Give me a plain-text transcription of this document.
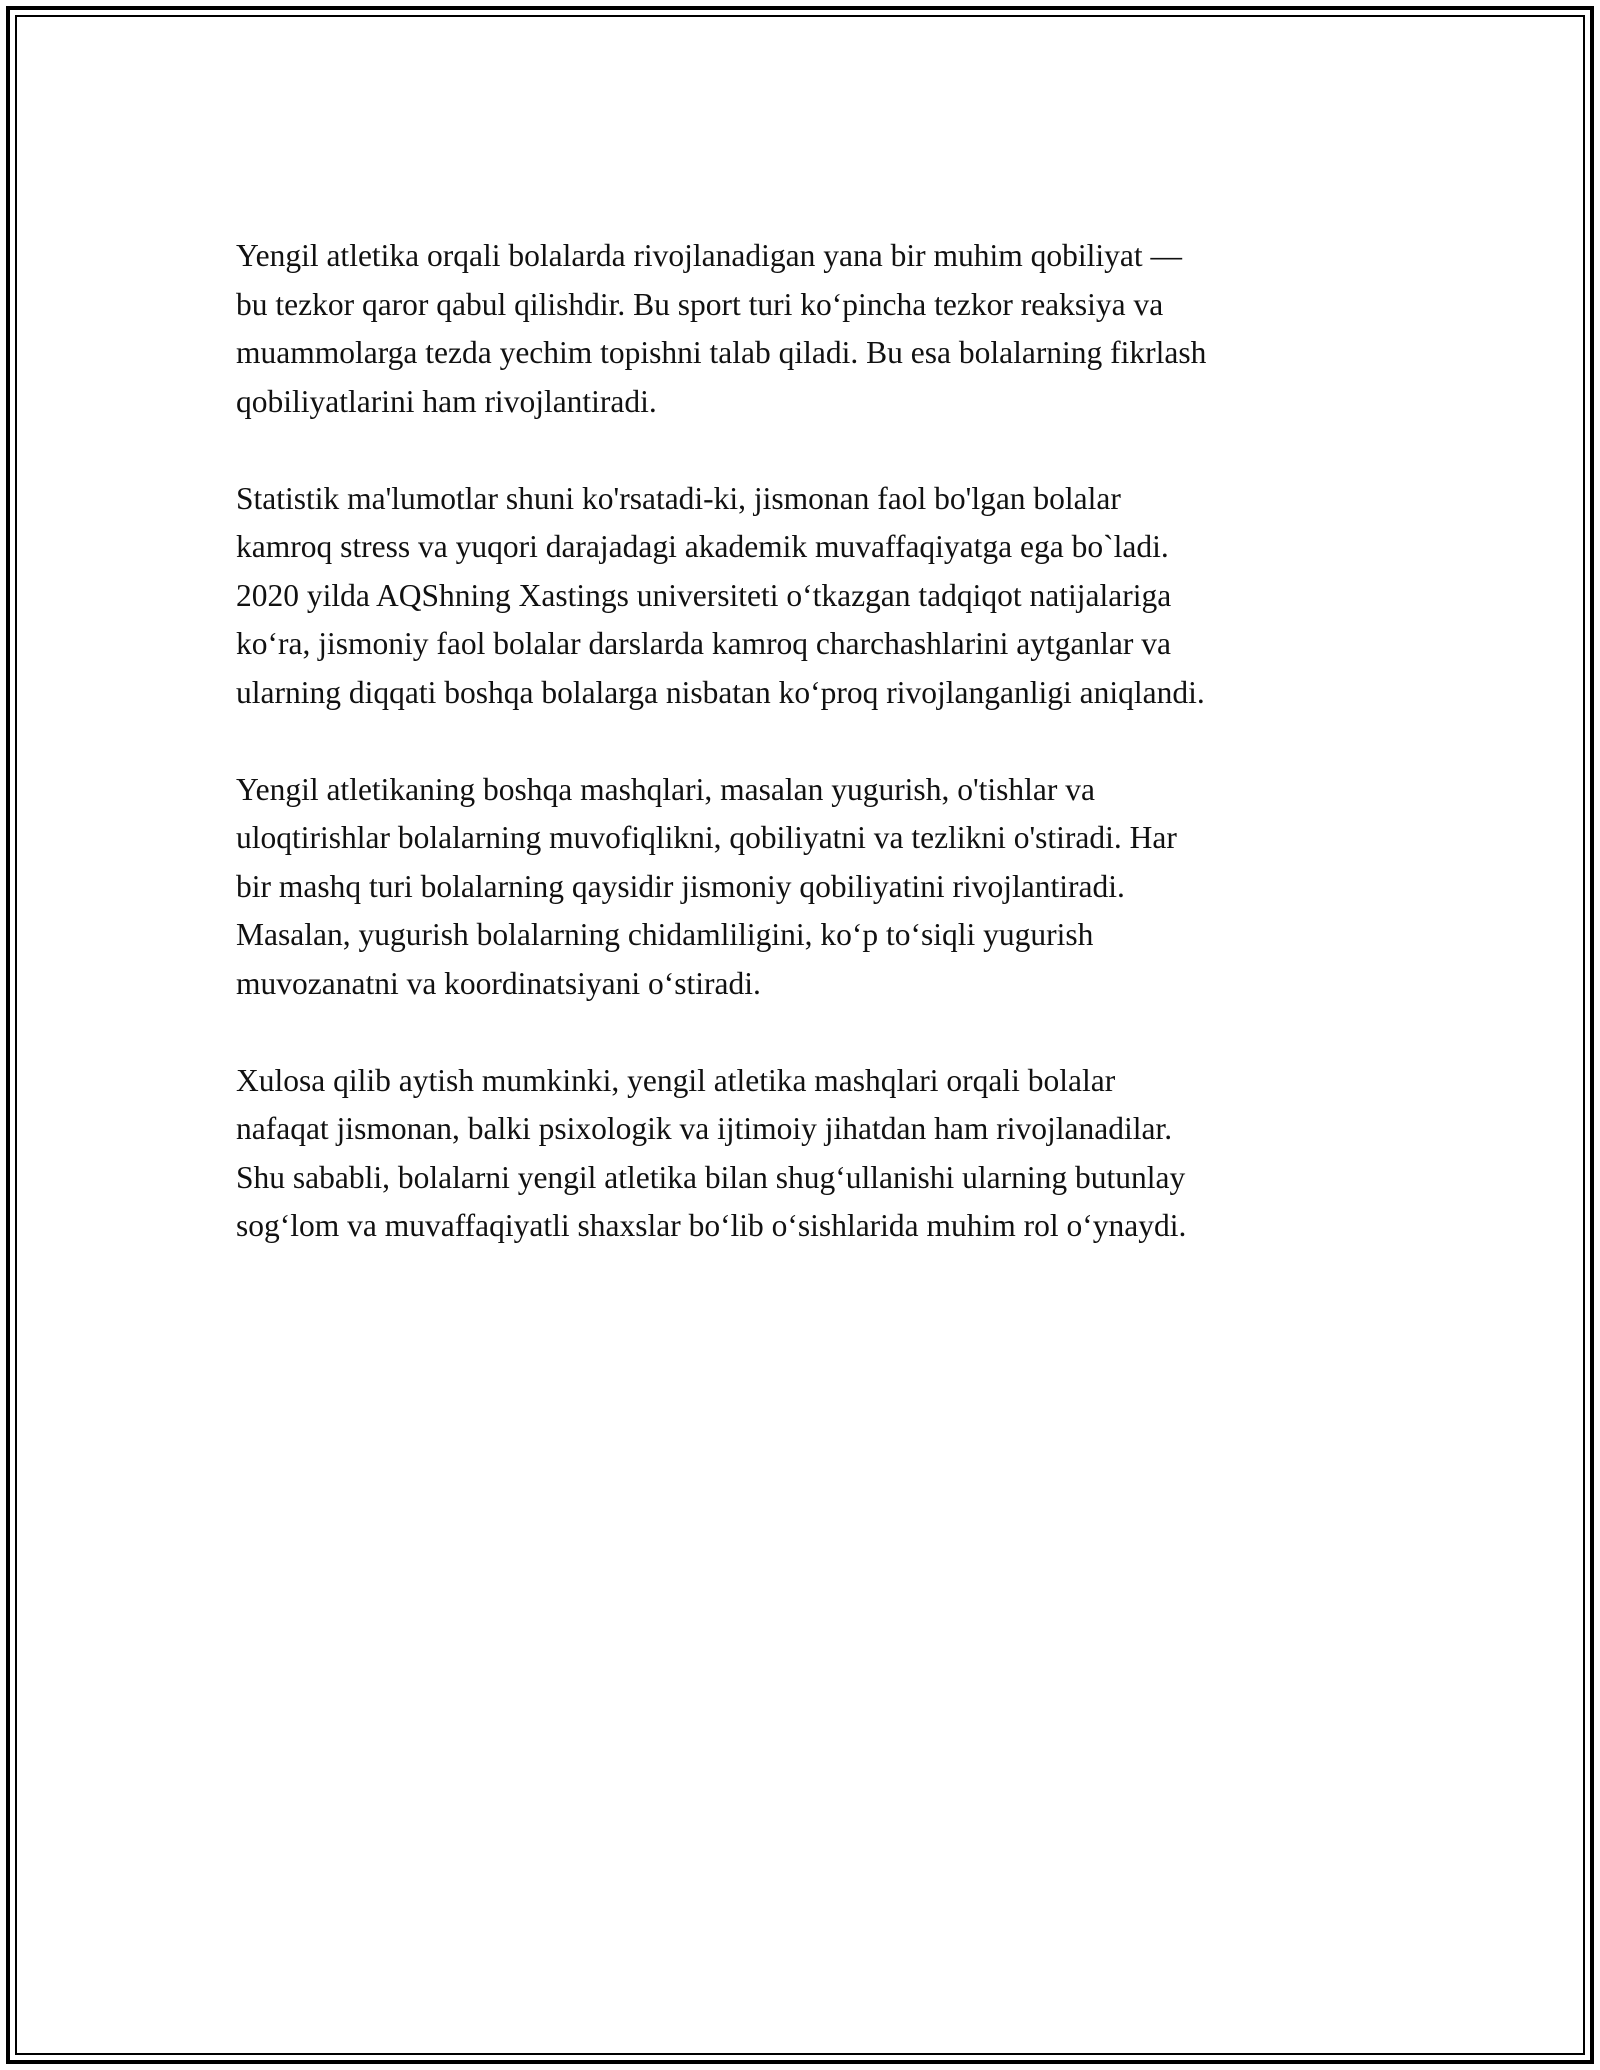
Yengil atletika orqali bolalarda rivojlanadigan yana bir muhim qobiliyat —
bu tezkor qaror qabul qilishdir. Bu sport turi ko‘pincha tezkor reaksiya va
muammolarga tezda yechim topishni talab qiladi. Bu esa bolalarning fikrlash
qobiliyatlarini ham rivojlantiradi.

Statistik ma'lumotlar shuni ko'rsatadi-ki, jismonan faol bo'lgan bolalar
kamroq stress va yuqori darajadagi akademik muvaffaqiyatga ega bo`ladi.
2020 yilda AQShning Xastings universiteti o‘tkazgan tadqiqot natijalariga
ko‘ra, jismoniy faol bolalar darslarda kamroq charchashlarini aytganlar va
ularning diqqati boshqa bolalarga nisbatan ko‘proq rivojlanganligi aniqlandi.

Yengil atletikaning boshqa mashqlari, masalan yugurish, o'tishlar va
uloqtirishlar bolalarning muvofiqlikni, qobiliyatni va tezlikni o'stiradi. Har
bir mashq turi bolalarning qaysidir jismoniy qobiliyatini rivojlantiradi.
Masalan, yugurish bolalarning chidamliligini, ko‘p to‘siqli yugurish
muvozanatni va koordinatsiyani o‘stiradi.

Xulosa qilib aytish mumkinki, yengil atletika mashqlari orqali bolalar
nafaqat jismonan, balki psixologik va ijtimoiy jihatdan ham rivojlanadilar.
Shu sababli, bolalarni yengil atletika bilan shug‘ullanishi ularning butunlay
sog‘lom va muvaffaqiyatli shaxslar bo‘lib o‘sishlarida muhim rol o‘ynaydi.
